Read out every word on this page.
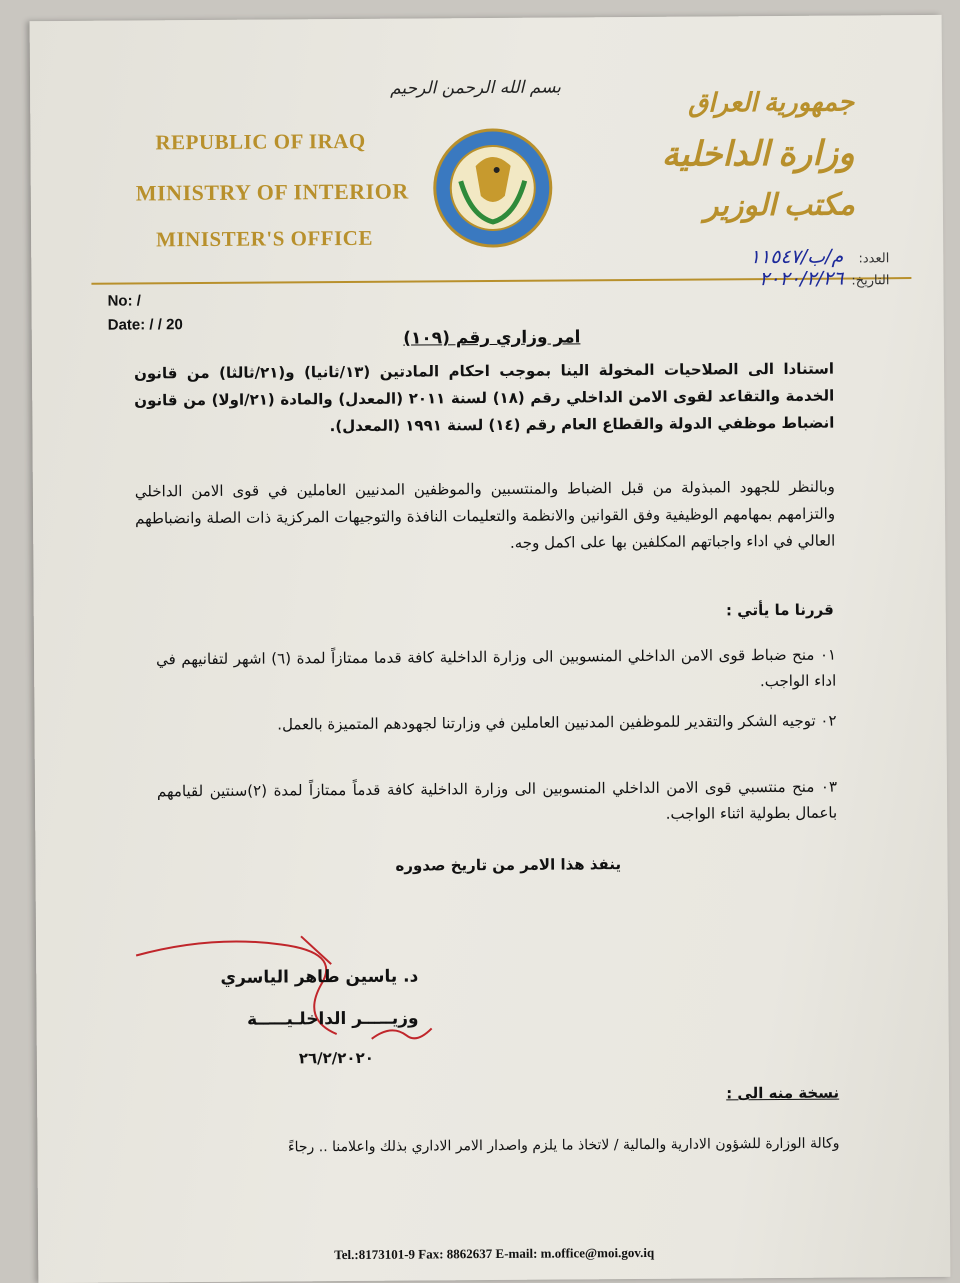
REPUBLIC OF IRAQ
MINISTRY OF INTERIOR
MINISTER'S OFFICE
بسم الله الرحمن الرحيم	جمهورية العراق
وزارة الداخلية
مكتب الوزير
العدد:
م/ب/١١٥٤٧
التاريخ:
٢٠٢٠/٢/٢٦
No: /
Date: / / 20
امر وزاري رقم (١٠٩)
استنادا الى الصلاحيات المخولة الينا بموجب احكام المادتين (١٣/ثانيا) و(٢١/ثالثا) من قانون الخدمة والتقاعد لقوى الامن الداخلي رقم (١٨) لسنة ٢٠١١ (المعدل) والمادة (٢١/اولا) من قانون انضباط موظفي الدولة والقطاع العام رقم (١٤) لسنة ١٩٩١ (المعدل).
وبالنظر للجهود المبذولة من قبل الضباط والمنتسبين والموظفين المدنيين العاملين في قوى الامن الداخلي والتزامهم بمهامهم الوظيفية وفق القوانين والانظمة والتعليمات النافذة والتوجيهات المركزية ذات الصلة وانضباطهم العالي في اداء واجباتهم المكلفين بها على اكمل وجه.
قررنا ما يأتي :
٠١ منح ضباط قوى الامن الداخلي المنسوبين الى وزارة الداخلية كافة قدما ممتازاً لمدة (٦) اشهر لتفانيهم في اداء الواجب.
٠٢ توجيه الشكر والتقدير للموظفين المدنيين العاملين في وزارتنا لجهودهم المتميزة بالعمل.
٠٣ منح منتسبي قوى الامن الداخلي المنسوبين الى وزارة الداخلية كافة قدماً ممتازاً لمدة (٢)سنتين لقيامهم باعمال بطولية اثناء الواجب.
ينفذ هذا الامر من تاريخ صدوره
د. ياسين طاهر الياسري
وزيـــــر الداخلـيـــــة
٢٦/٢/٢٠٢٠
نسخة منه الى :
وكالة الوزارة للشؤون الادارية والمالية / لاتخاذ ما يلزم واصدار الامر الاداري بذلك واعلامنا .. رجاءً
Tel.:8173101-9 Fax: 8862637 E-mail: m.office@moi.gov.iq
